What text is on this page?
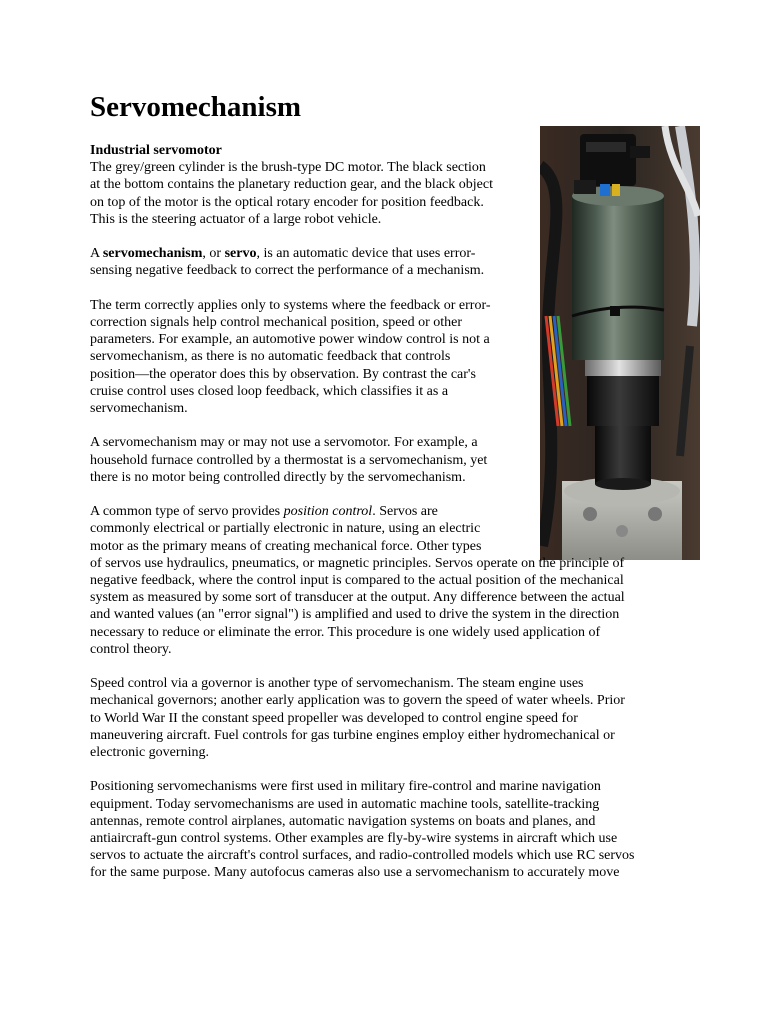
Servomechanism

Industrial servomotor
The grey/green cylinder is the brush-type DC motor. The black section
at the bottom contains the planetary reduction gear, and the black object
on top of the motor is the optical rotary encoder for position feedback.
This is the steering actuator of a large robot vehicle.

A servomechanism, or servo, is an automatic device that uses error-
sensing negative feedback to correct the performance of a mechanism.

The term correctly applies only to systems where the feedback or error-
correction signals help control mechanical position, speed or other
parameters. For example, an automotive power window control is not a
servomechanism, as there is no automatic feedback that controls
position—the operator does this by observation. By contrast the car's
cruise control uses closed loop feedback, which classifies it as a
servomechanism.

A servomechanism may or may not use a servomotor. For example, a
household furnace controlled by a thermostat is a servomechanism, yet
there is no motor being controlled directly by the servomechanism.

A common type of servo provides position control. Servos are
commonly electrical or partially electronic in nature, using an electric
motor as the primary means of creating mechanical force. Other types
of servos use hydraulics, pneumatics, or magnetic principles. Servos operate on the principle of
negative feedback, where the control input is compared to the actual position of the mechanical
system as measured by some sort of transducer at the output. Any difference between the actual
and wanted values (an "error signal") is amplified and used to drive the system in the direction
necessary to reduce or eliminate the error. This procedure is one widely used application of
control theory.

Speed control via a governor is another type of servomechanism. The steam engine uses
mechanical governors; another early application was to govern the speed of water wheels. Prior
to World War II the constant speed propeller was developed to control engine speed for
maneuvering aircraft. Fuel controls for gas turbine engines employ either hydromechanical or
electronic governing.

Positioning servomechanisms were first used in military fire-control and marine navigation
equipment. Today servomechanisms are used in automatic machine tools, satellite-tracking
antennas, remote control airplanes, automatic navigation systems on boats and planes, and
antiaircraft-gun control systems. Other examples are fly-by-wire systems in aircraft which use
servos to actuate the aircraft's control surfaces, and radio-controlled models which use RC servos
for the same purpose. Many autofocus cameras also use a servomechanism to accurately move
